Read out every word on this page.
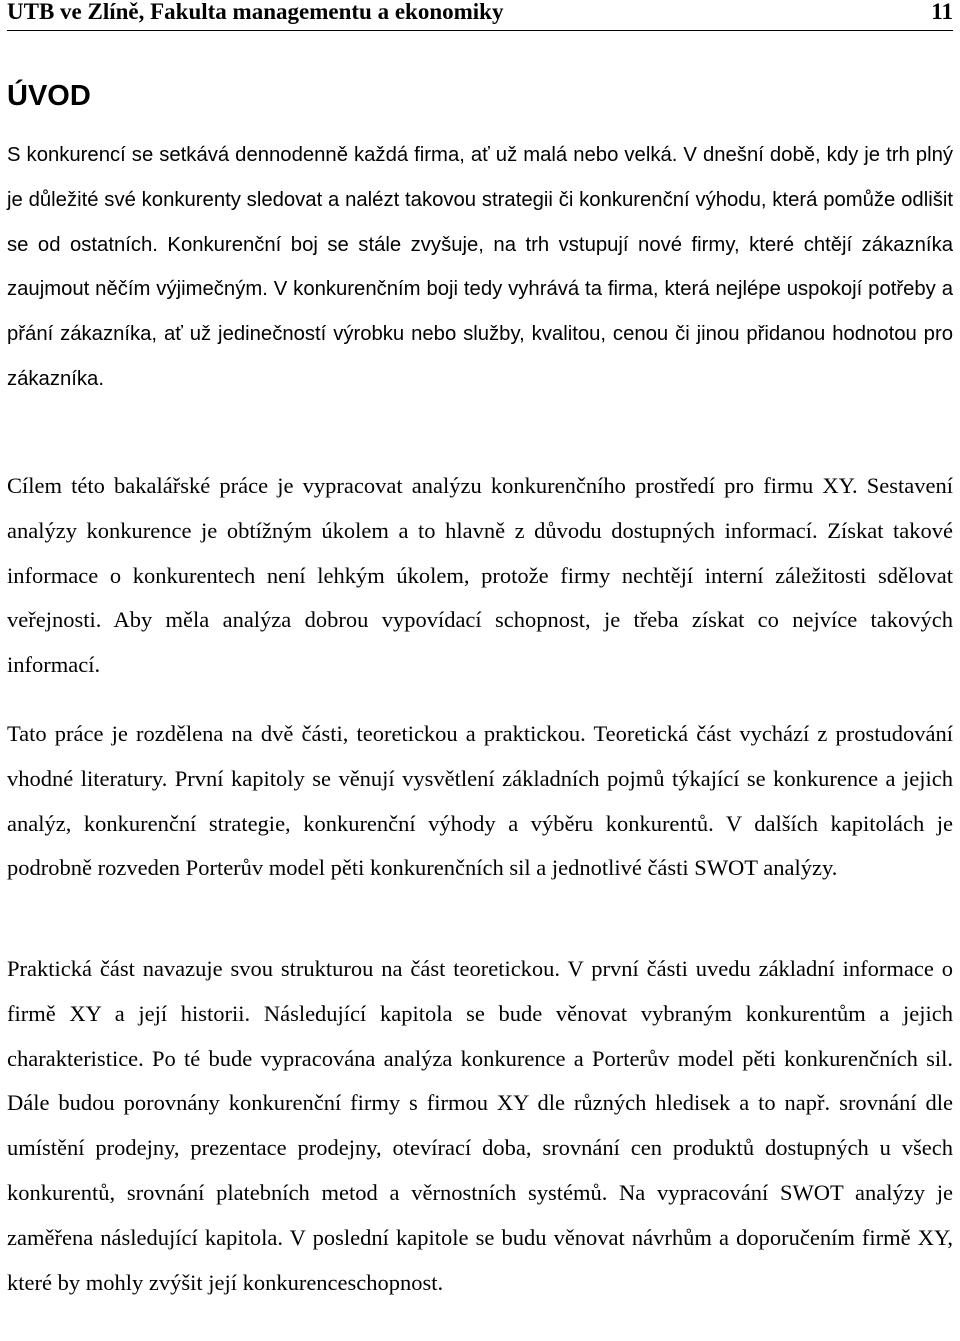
UTB ve Zlíně, Fakulta managementu a ekonomiky	11
ÚVOD

S konkurencí se setkává dennodenně každá firma, ať už malá nebo velká. V dnešní době, kdy je trh plný je důležité své konkurenty sledovat a nalézt takovou strategii či konkurenční výhodu, která pomůže odlišit se od ostatních. Konkurenční boj se stále zvyšuje, na trh vstupují nové firmy, které chtějí zákazníka zaujmout něčím výjimečným. V konkurenčním boji tedy vyhrává ta firma, která nejlépe uspokojí potřeby a přání zákazníka, ať už jedinečností výrobku nebo služby, kvalitou, cenou či jinou přidanou hodnotou pro zákazníka.

Cílem této bakalářské práce je vypracovat analýzu konkurenčního prostředí pro firmu XY. Sestavení analýzy konkurence je obtížným úkolem a to hlavně z důvodu dostupných informací. Získat takové informace o konkurentech není lehkým úkolem, protože firmy nechtějí interní záležitosti sdělovat veřejnosti. Aby měla analýza dobrou vypovídací schopnost, je třeba získat co nejvíce takových informací.

Tato práce je rozdělena na dvě části, teoretickou a praktickou. Teoretická část vychází z prostudování vhodné literatury. První kapitoly se věnují vysvětlení základních pojmů týkající se konkurence a jejich analýz, konkurenční strategie, konkurenční výhody a výběru konkurentů. V dalších kapitolách je podrobně rozveden Porterův model pěti konkurenčních sil a jednotlivé části SWOT analýzy.

Praktická část navazuje svou strukturou na část teoretickou. V první části uvedu základní informace o firmě XY a její historii. Následující kapitola se bude věnovat vybraným konkurentům a jejich charakteristice. Po té bude vypracována analýza konkurence a Porterův model pěti konkurenčních sil. Dále budou porovnány konkurenční firmy s firmou XY dle různých hledisek a to např. srovnání dle umístění prodejny, prezentace prodejny, otevírací doba, srovnání cen produktů dostupných u všech konkurentů, srovnání platebních metod a věrnostních systémů. Na vypracování SWOT analýzy je zaměřena následující kapitola. V poslední kapitole se budu věnovat návrhům a doporučením firmě XY, které by mohly zvýšit její konkurenceschopnost.
